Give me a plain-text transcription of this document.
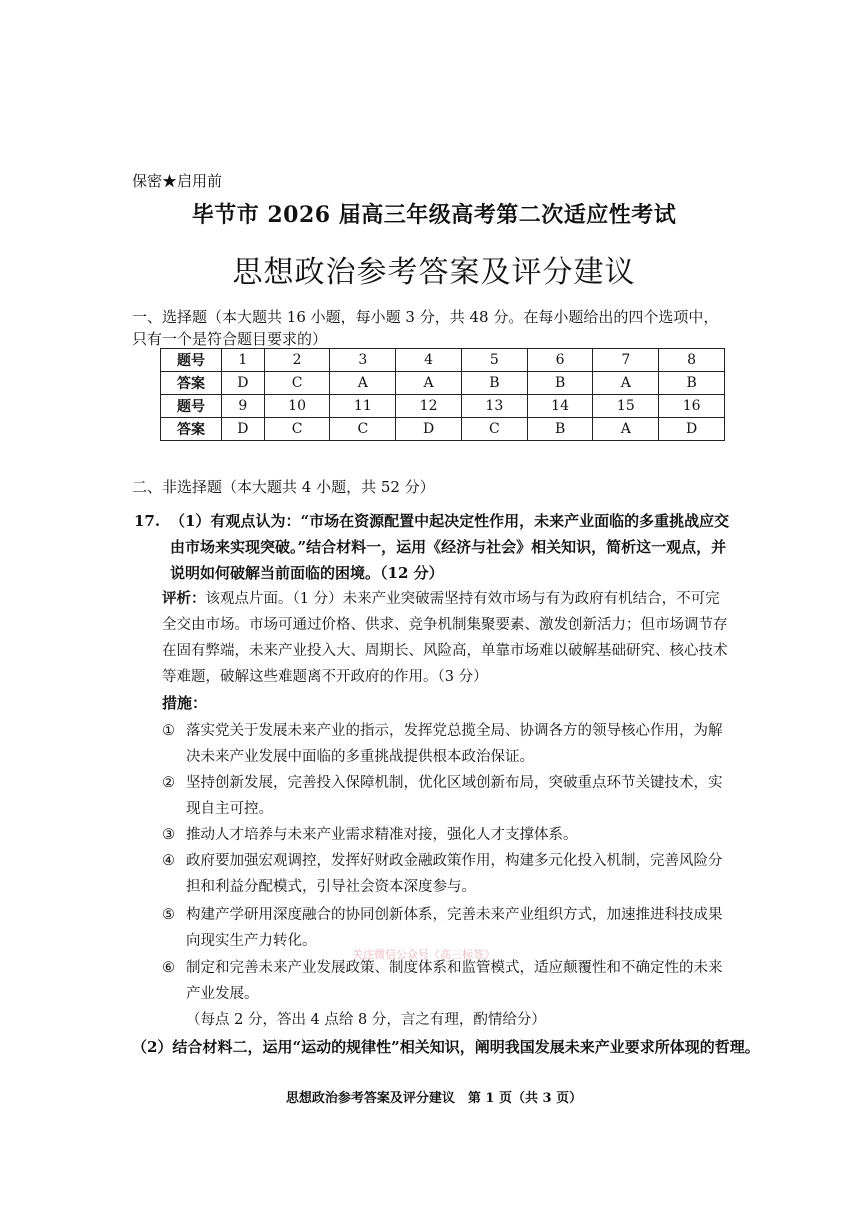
保密★启用前
毕节市 2026 届高三年级高考第二次适应性考试
思想政治参考答案及评分建议
一、选择题（本大题共 16 小题，每小题 3 分，共 48 分。在每小题给出的四个选项中，只有一个是符合题目要求的）
题号	1	2	3	4	5	6	7	8
答案	D	C	A	A	B	B	A	B
题号	9	10	11	12	13	14	15	16
答案	D	C	C	D	C	B	A	D
二、非选择题（本大题共 4 小题，共 52 分）
17. （1）有观点认为：“市场在资源配置中起决定性作用，未来产业面临的多重挑战应交由市场来实现突破。”结合材料一，运用《经济与社会》相关知识，简析这一观点，并说明如何破解当前面临的困境。（12 分）
评析：该观点片面。（1 分）未来产业突破需坚持有效市场与有为政府有机结合，不可完全交由市场。市场可通过价格、供求、竞争机制集聚要素、激发创新活力；但市场调节存在固有弊端，未来产业投入大、周期长、风险高，单靠市场难以破解基础研究、核心技术等难题，破解这些难题离不开政府的作用。（3 分）
措施：
① 落实党关于发展未来产业的指示，发挥党总揽全局、协调各方的领导核心作用，为解决未来产业发展中面临的多重挑战提供根本政治保证。
② 坚持创新发展，完善投入保障机制，优化区域创新布局，突破重点环节关键技术，实现自主可控。
③ 推动人才培养与未来产业需求精准对接，强化人才支撑体系。
④ 政府要加强宏观调控，发挥好财政金融政策作用，构建多元化投入机制，完善风险分担和利益分配模式，引导社会资本深度参与。
⑤ 构建产学研用深度融合的协同创新体系，完善未来产业组织方式，加速推进科技成果向现实生产力转化。
⑥ 制定和完善未来产业发展政策、制度体系和监管模式，适应颠覆性和不确定性的未来产业发展。
关注微信公众号《高三标签》
（每点 2 分，答出 4 点给 8 分，言之有理，酌情给分）
（2）结合材料二，运用“运动的规律性”相关知识，阐明我国发展未来产业要求所体现的哲理。
思想政治参考答案及评分建议　第 1 页（共 3 页）
